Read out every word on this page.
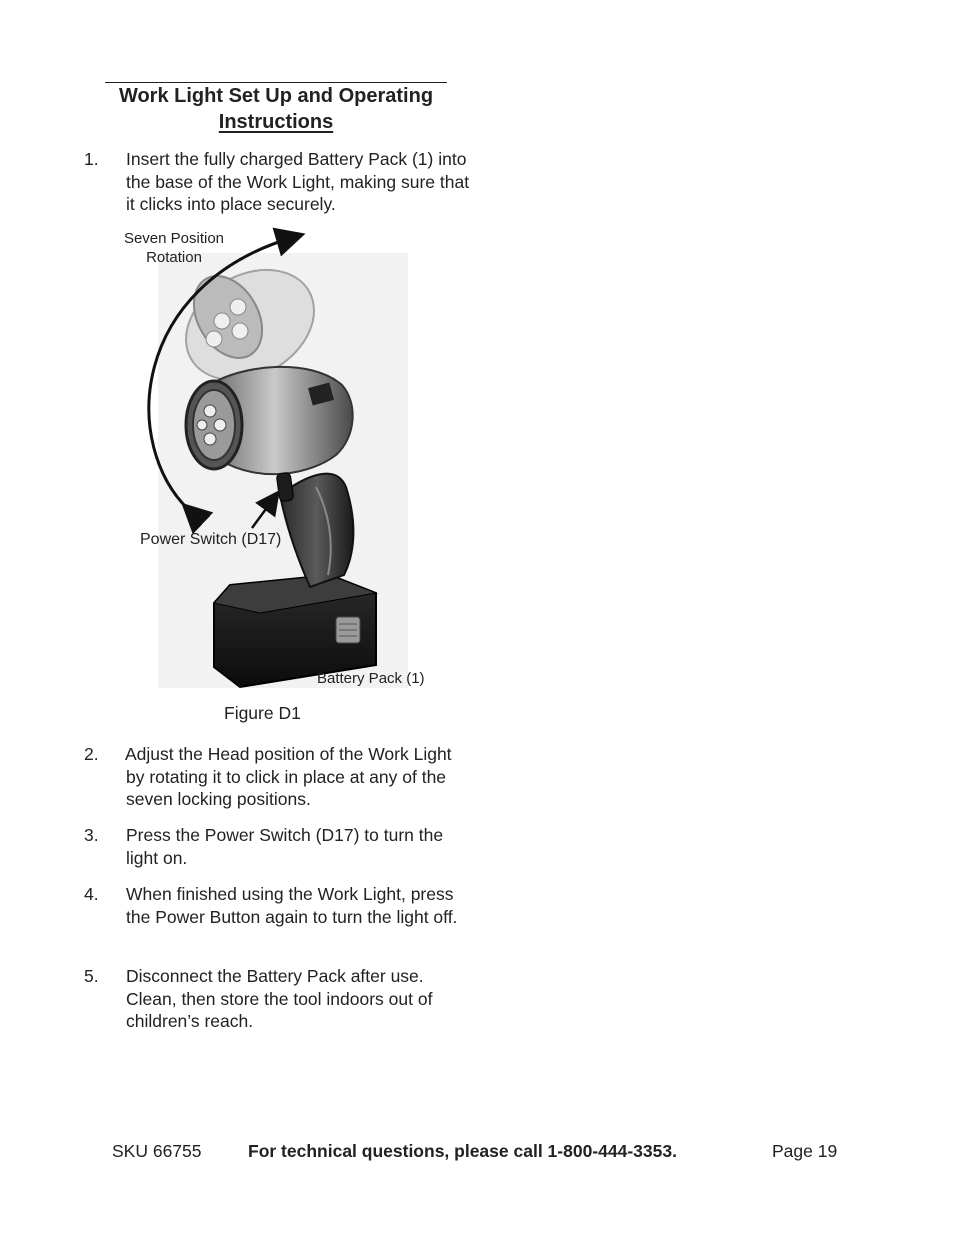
Work Light Set Up and Operating
Instructions
1. Insert the fully charged Battery Pack (1) into the base of the Work Light, making sure that it clicks into place securely.
Seven Position
Rotation
Power Switch (D17)
Battery Pack (1)
Figure D1
2. Adjust the Head position of the Work Light by rotating it to click in place at any of the seven locking positions.
3. Press the Power Switch (D17) to turn the light on.
4. When finished using the Work Light, press the Power Button again to turn the light off.
5. Disconnect the Battery Pack after use. Clean, then store the tool indoors out of children’s reach.
SKU 66755	For technical questions, please call 1-800-444-3353.	Page 19
